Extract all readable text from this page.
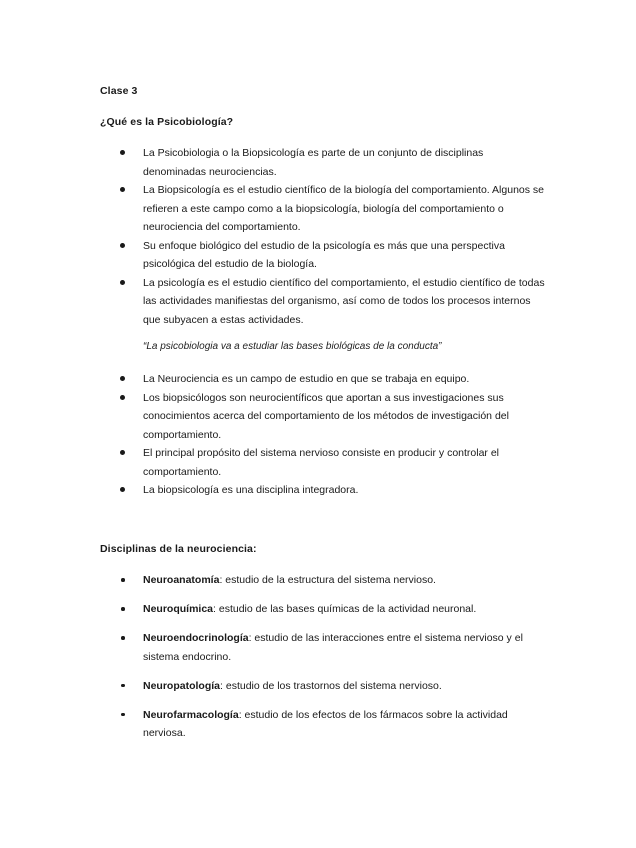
Clase 3
¿Qué es la Psicobiología?
La Psicobiologia o la Biopsicología es parte de un conjunto de disciplinas denominadas neurociencias.
La Biopsicología es el estudio científico de la biología del comportamiento. Algunos se refieren a este campo como a la biopsicología, biología del comportamiento o neurociencia del comportamiento.
Su enfoque biológico del estudio de la psicología es más que una perspectiva psicológica del estudio de la biología.
La psicología es el estudio científico del comportamiento, el estudio científico de todas las actividades manifiestas del organismo, así como de todos los procesos internos que subyacen a estas actividades.
“La psicobiologia va a estudiar las bases biológicas de la conducta”
La Neurociencia es un campo de estudio en que se trabaja en equipo.
Los biopsicólogos son neurocientíficos que aportan a sus investigaciones sus conocimientos acerca del comportamiento de los métodos de investigación del comportamiento.
El principal propósito del sistema nervioso consiste en producir y controlar el comportamiento.
La biopsicología es una disciplina integradora.
Disciplinas de la neurociencia:
Neuroanatomía: estudio de la estructura del sistema nervioso.
Neuroquímica: estudio de las bases químicas de la actividad neuronal.
Neuroendocrinología: estudio de las interacciones entre el sistema nervioso y el sistema endocrino.
Neuropatología: estudio de los trastornos del sistema nervioso.
Neurofarmacología: estudio de los efectos de los fármacos sobre la actividad nerviosa.
